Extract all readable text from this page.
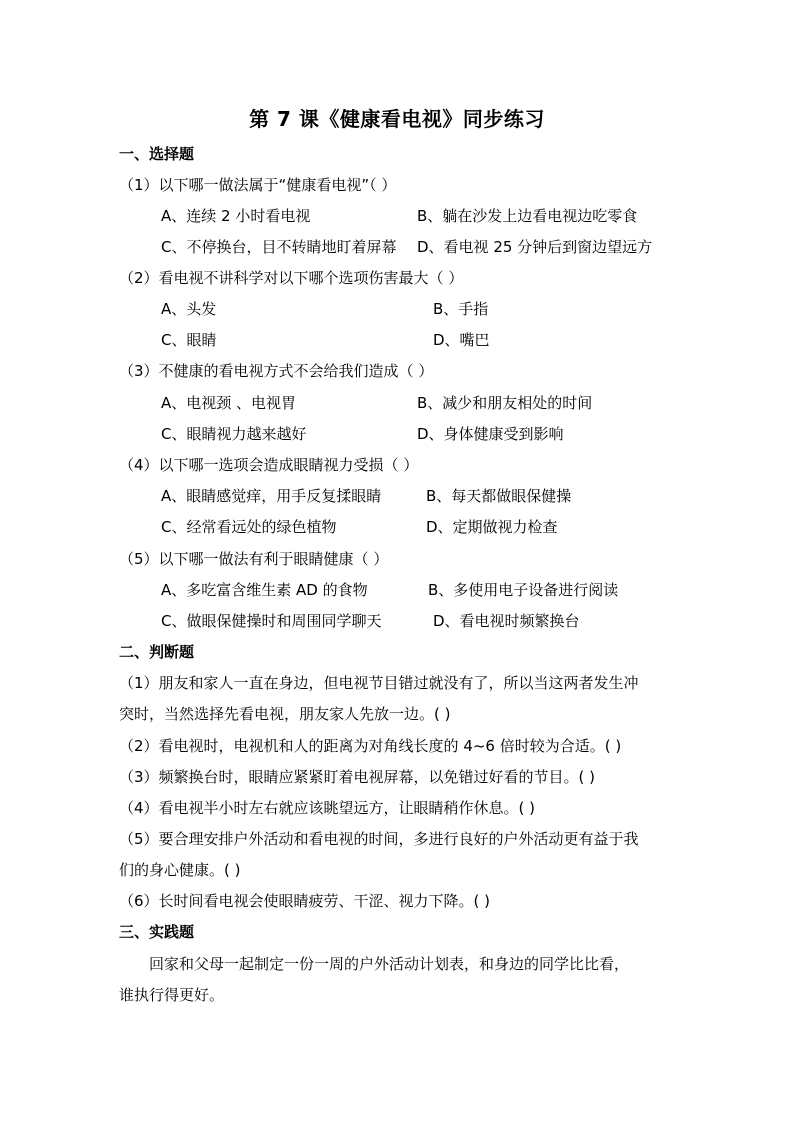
第 7 课《健康看电视》同步练习
一、选择题
（1）以下哪一做法属于“健康看电视”（ ）
A、连续 2 小时看电视	B、躺在沙发上边看电视边吃零食
C、不停换台，目不转睛地盯着屏幕 D、看电视 25 分钟后到窗边望远方
（2）看电视不讲科学对以下哪个选项伤害最大（ ）
A、头发	B、手指
C、眼睛	D、嘴巴
（3）不健康的看电视方式不会给我们造成（ ）
A、电视颈 、电视胃	B、减少和朋友相处的时间
C、眼睛视力越来越好	D、身体健康受到影响
（4）以下哪一选项会造成眼睛视力受损（ ）
A、眼睛感觉痒，用手反复揉眼睛	B、每天都做眼保健操
C、经常看远处的绿色植物	D、定期做视力检查
（5）以下哪一做法有利于眼睛健康（ ）
A、多吃富含维生素 AD 的食物	B、多使用电子设备进行阅读
C、做眼保健操时和周围同学聊天	D、看电视时频繁换台
二、判断题
（1）朋友和家人一直在身边，但电视节目错过就没有了，所以当这两者发生冲
突时，当然选择先看电视，朋友家人先放一边。( )
（2）看电视时，电视机和人的距离为对角线长度的 4~6 倍时较为合适。( )
（3）频繁换台时，眼睛应紧紧盯着电视屏幕，以免错过好看的节目。( )
（4）看电视半小时左右就应该眺望远方，让眼睛稍作休息。( )
（5）要合理安排户外活动和看电视的时间，多进行良好的户外活动更有益于我
们的身心健康。( )
（6）长时间看电视会使眼睛疲劳、干涩、视力下降。( )
三、实践题
回家和父母一起制定一份一周的户外活动计划表，和身边的同学比比看，
谁执行得更好。
